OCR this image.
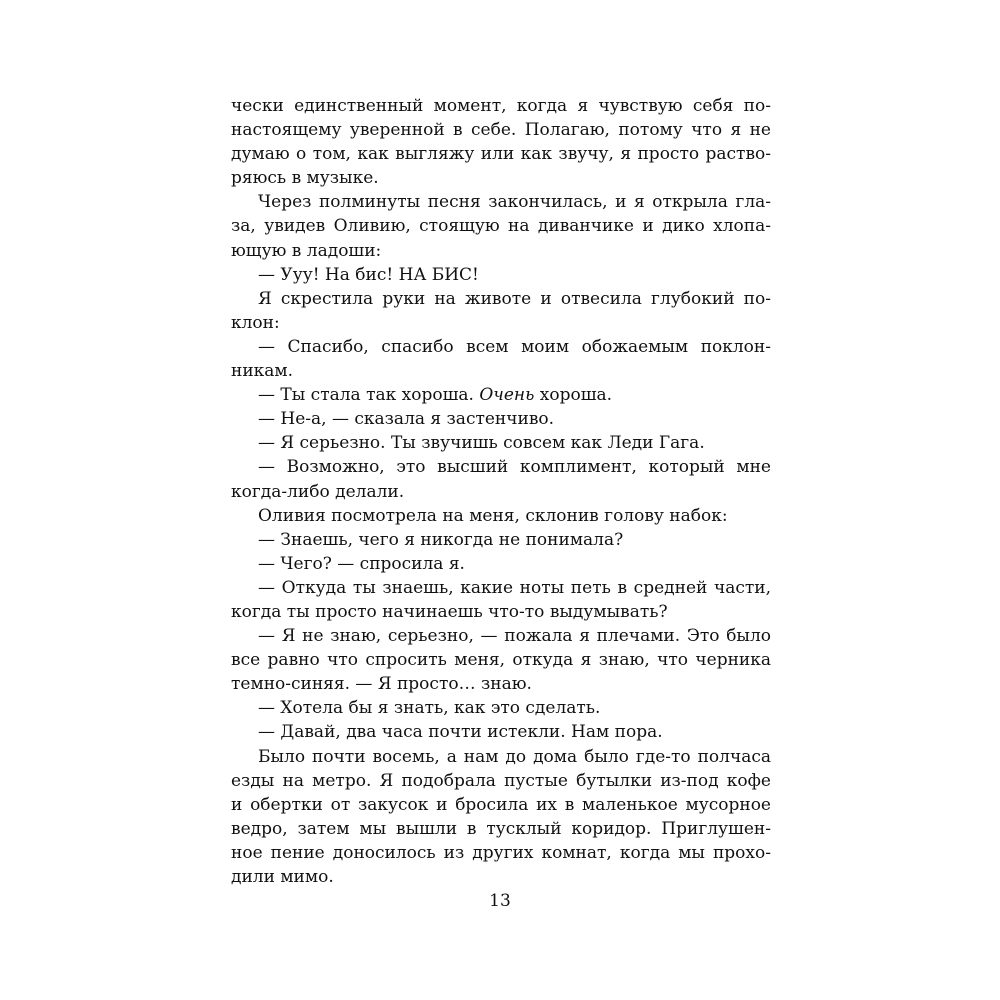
чески единственный момент, когда я чувствую себя по-
настоящему уверенной в себе. Полагаю, потому что я не
думаю о том, как выгляжу или как звучу, я просто раство-
ряюсь в музыке.
Через полминуты песня закончилась, и я открыла гла-
за, увидев Оливию, стоящую на диванчике и дико хлопа-
ющую в ладоши:
— Ууу! На бис! НА БИС!
Я скрестила руки на животе и отвесила глубокий по-
клон:
— Спасибо, спасибо всем моим обожаемым поклон-
никам.
— Ты стала так хороша. Очень хороша.
— Не-а, — сказала я застенчиво.
— Я серьезно. Ты звучишь совсем как Леди Гага.
— Возможно, это высший комплимент, который мне
когда-либо делали.
Оливия посмотрела на меня, склонив голову набок:
— Знаешь, чего я никогда не понимала?
— Чего? — спросила я.
— Откуда ты знаешь, какие ноты петь в средней части,
когда ты просто начинаешь что-то выдумывать?
— Я не знаю, серьезно, — пожала я плечами. Это было
все равно что спросить меня, откуда я знаю, что черника
темно-синяя. — Я просто… знаю.
— Хотела бы я знать, как это сделать.
— Давай, два часа почти истекли. Нам пора.
Было почти восемь, а нам до дома было где-то полчаса
езды на метро. Я подобрала пустые бутылки из-под кофе
и обертки от закусок и бросила их в маленькое мусорное
ведро, затем мы вышли в тусклый коридор. Приглушен-
ное пение доносилось из других комнат, когда мы прохо-
дили мимо.
13
